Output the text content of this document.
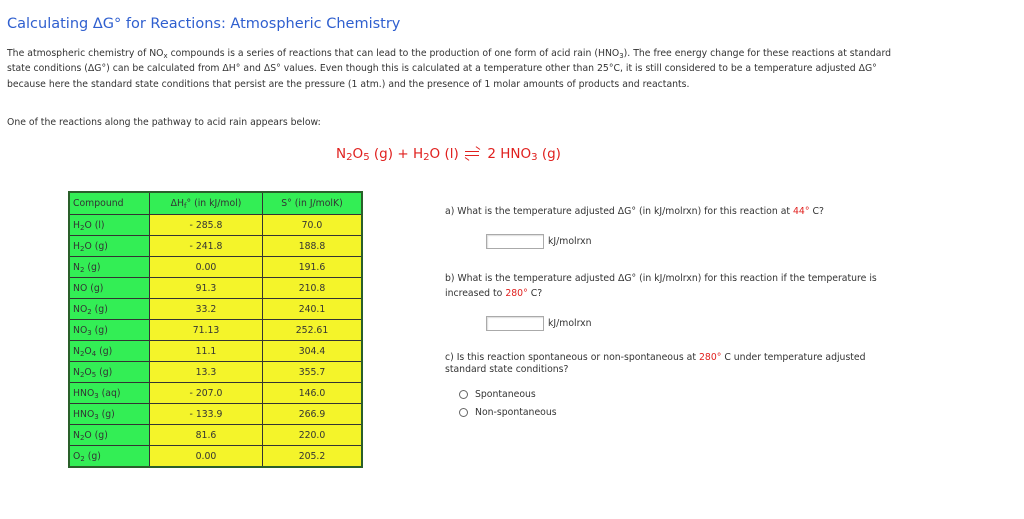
Calculating ΔG° for Reactions: Atmospheric Chemistry

The atmospheric chemistry of $NO_x$ compounds is a series of reactions that can lead to the production of one form of acid rain $(HNO_3)$. The free energy change for these reactions at standard state conditions (ΔG°) can be calculated from ΔH° and ΔS° values. Even though this is calculated at a temperature other than 25°C, it is still considered to be a temperature adjusted ΔG° because here the standard state conditions that persist are the pressure (1 atm.) and the presence of 1 molar amounts of products and reactants.

One of the reactions along the pathway to acid rain appears below:
$N_2O_5$ $(g) + H_2O$ (l) 2 $HNO_3$ (g)
Compound	$\Delta H_f^\circ$ (in kJ/mol)	S° (in J/molK)
$H_2O$ (l)	- 285.8	70.0
$H_2O$ (g)	- 241.8	188.8
$N_2$ (g)	0.00	191.6
NO (g)	91.3	210.8
$NO_2$ (g)	33.2	240.1
$NO_3$ (g)	71.13	252.61
$N_2O_4$ (g)	11.1	304.4
$N_2O_5$ (g)	13.3	355.7
$HNO_3$ (aq)	- 207.0	146.0
$HNO_3$ (g)	- 133.9	266.9
$N_2O$ (g)	81.6	220.0
$O_2$ (g)	0.00	205.2
a) What is the temperature adjusted ΔG° (in kJ/molrxn) for this reaction at 44° C?
kJ/molrxn
b) What is the temperature adjusted ΔG° (in kJ/molrxn) for this reaction if the temperature is increased to 280° C?
kJ/molrxn
c) Is this reaction spontaneous or non-spontaneous at 280° C under temperature adjusted standard state conditions?
Spontaneous
Non-spontaneous
